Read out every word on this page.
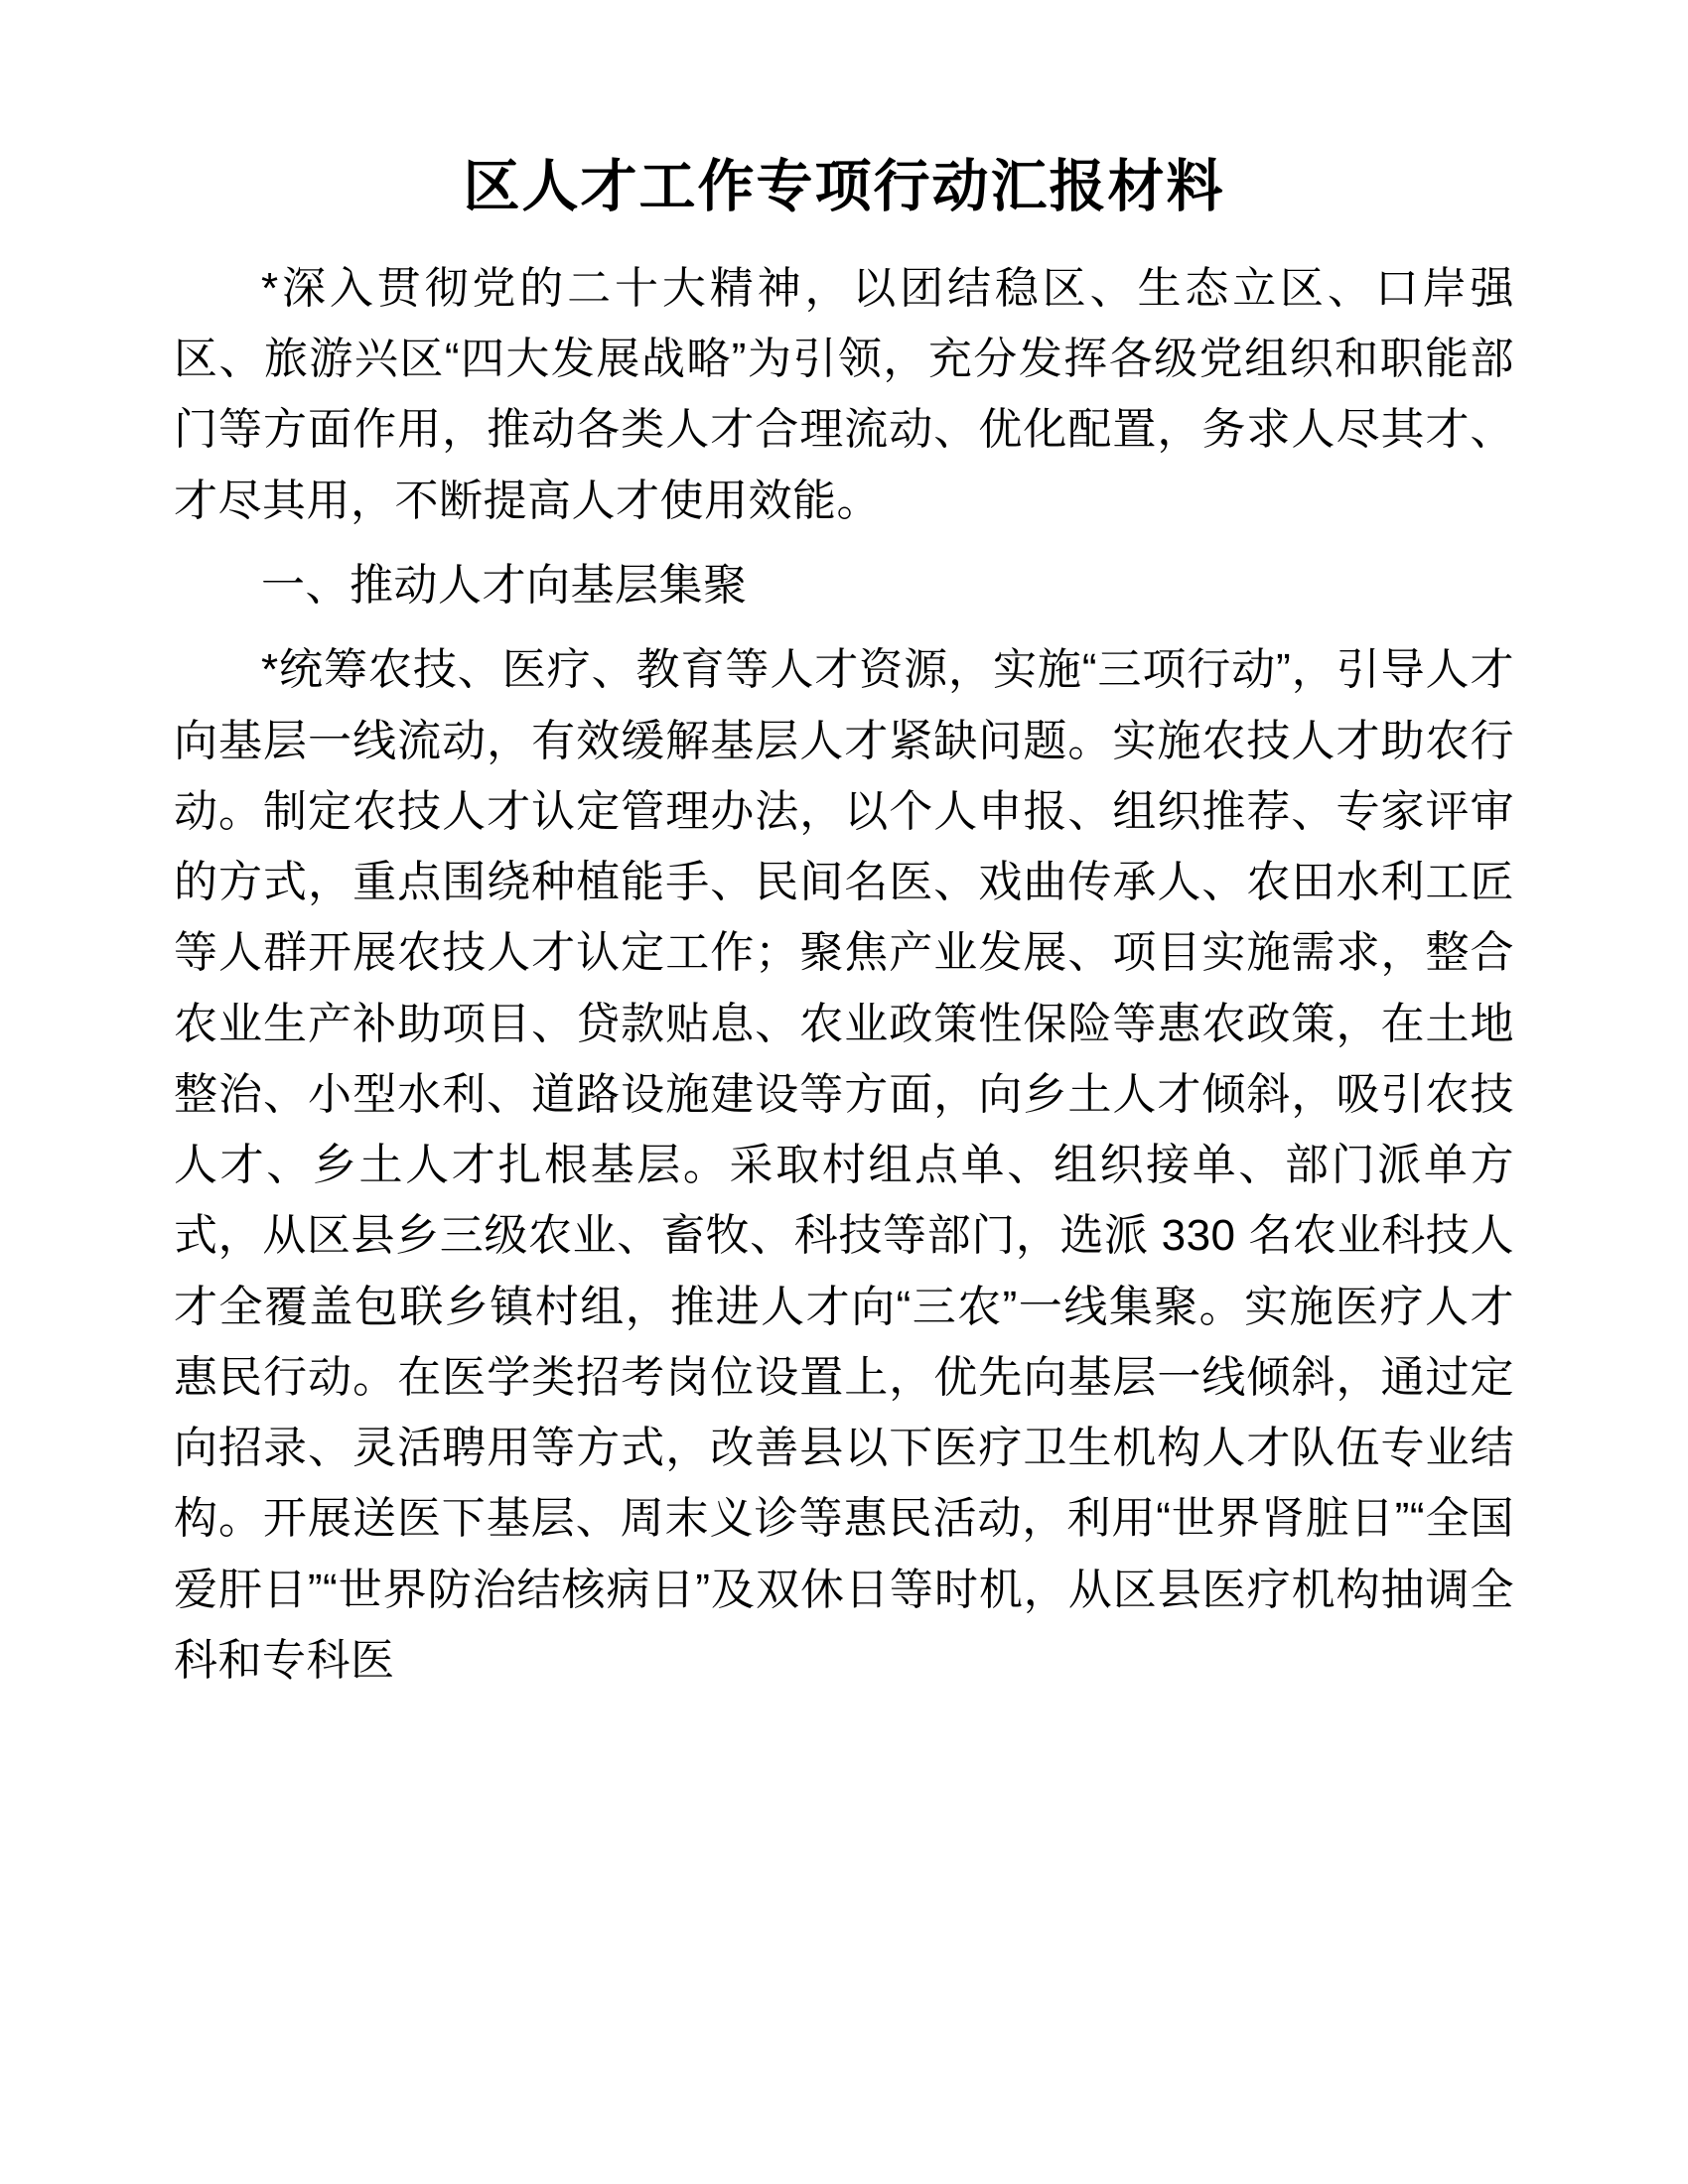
区人才工作专项行动汇报材料

*深入贯彻党的二十大精神，以团结稳区、生态立区、口岸强区、旅游兴区“四大发展战略”为引领，充分发挥各级党组织和职能部门等方面作用，推动各类人才合理流动、优化配置，务求人尽其才、才尽其用，不断提高人才使用效能。

一、推动人才向基层集聚

*统筹农技、医疗、教育等人才资源，实施“三项行动”，引导人才向基层一线流动，有效缓解基层人才紧缺问题。实施农技人才助农行动。制定农技人才认定管理办法，以个人申报、组织推荐、专家评审的方式，重点围绕种植能手、民间名医、戏曲传承人、农田水利工匠等人群开展农技人才认定工作；聚焦产业发展、项目实施需求，整合农业生产补助项目、贷款贴息、农业政策性保险等惠农政策，在土地整治、小型水利、道路设施建设等方面，向乡土人才倾斜，吸引农技人才、乡土人才扎根基层。采取村组点单、组织接单、部门派单方式，从区县乡三级农业、畜牧、科技等部门，选派 330 名农业科技人才全覆盖包联乡镇村组，推进人才向“三农”一线集聚。实施医疗人才惠民行动。在医学类招考岗位设置上，优先向基层一线倾斜，通过定向招录、灵活聘用等方式，改善县以下医疗卫生机构人才队伍专业结构。开展送医下基层、周末义诊等惠民活动，利用“世界肾脏日”“全国爱肝日”“世界防治结核病日”及双休日等时机，从区县医疗机构抽调全科和专科医
